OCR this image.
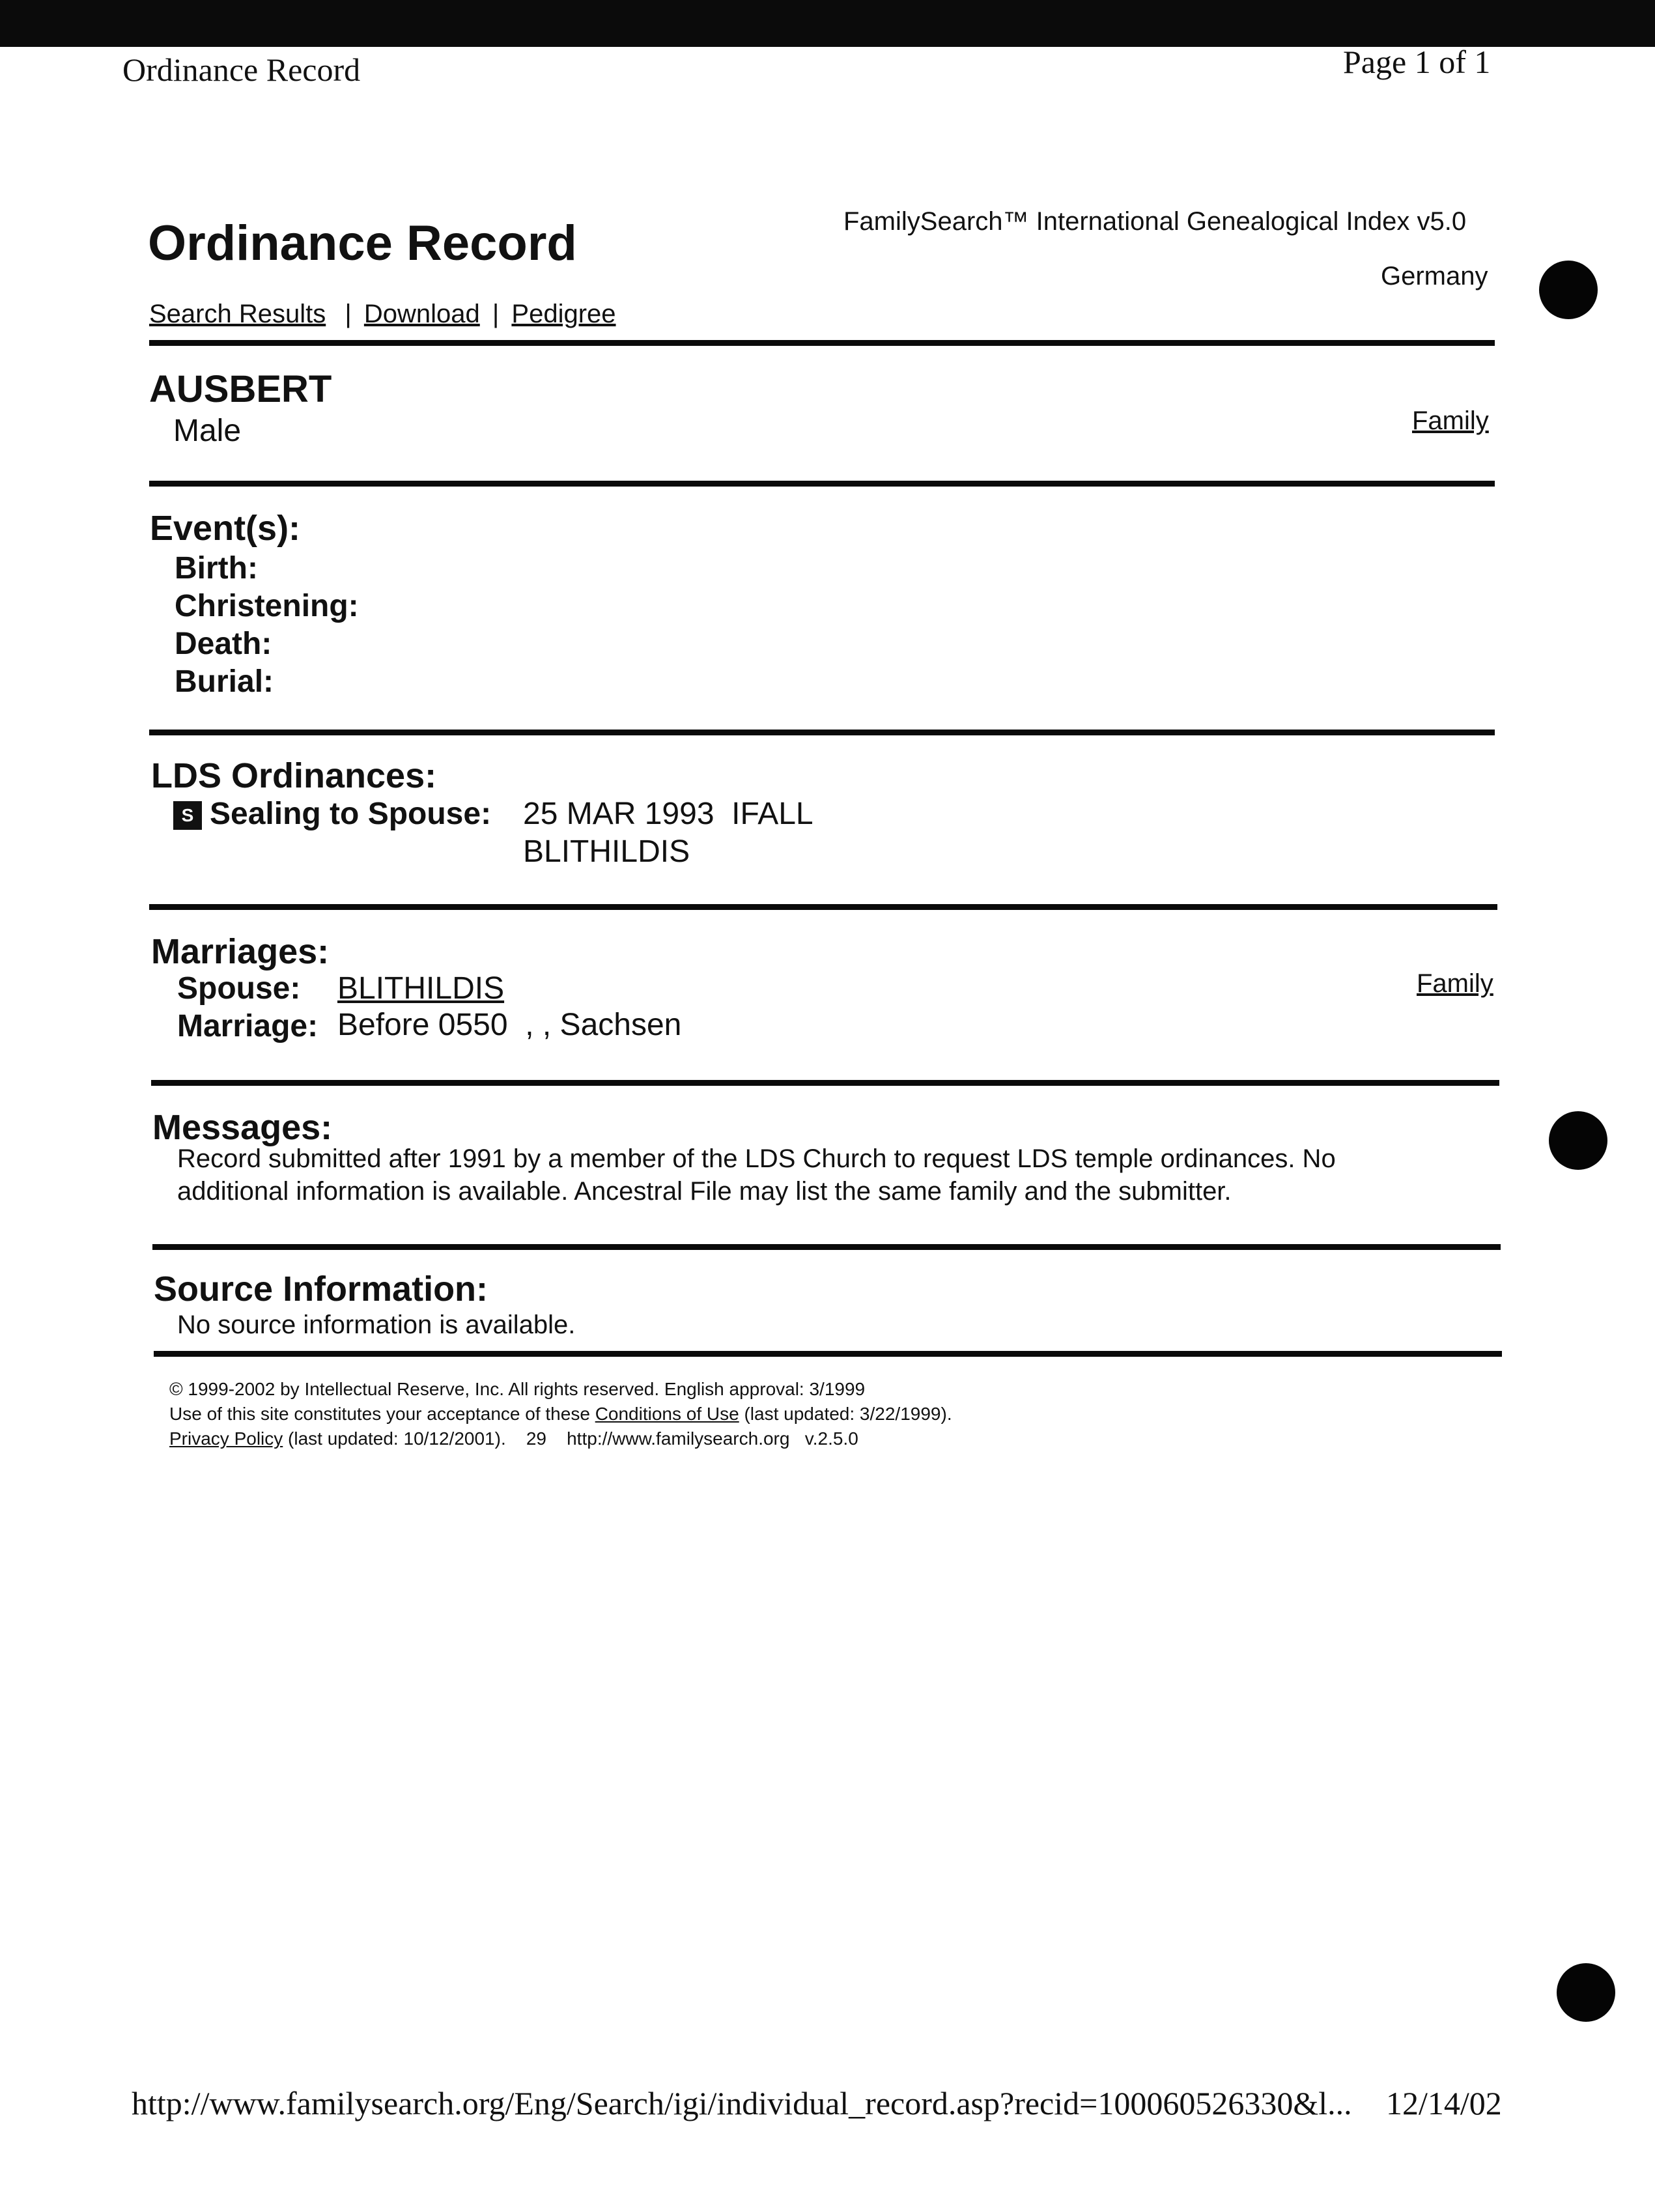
Ordinance Record	Page 1 of 1
Ordinance Record	FamilySearch™ International Genealogical Index v5.0
Germany
Search Results | Download | Pedigree
AUSBERT
Male	Family
Event(s):
Birth:
Christening:
Death:
Burial:
LDS Ordinances:
S Sealing to Spouse: 25 MAR 1993  IFALL
BLITHILDIS
Marriages:
Spouse: BLITHILDIS
Marriage: Before 0550  , , Sachsen
Family
Messages:
Record submitted after 1991 by a member of the LDS Church to request LDS temple ordinances. No
additional information is available. Ancestral File may list the same family and the submitter.
Source Information:
No source information is available.
© 1999-2002 by Intellectual Reserve, Inc. All rights reserved. English approval: 3/1999
Use of this site constitutes your acceptance of these Conditions of Use (last updated: 3/22/1999).
Privacy Policy (last updated: 10/12/2001).    29    http://www.familysearch.org   v.2.5.0
http://www.familysearch.org/Eng/Search/igi/individual_record.asp?recid=100060526330&l... 12/14/02
